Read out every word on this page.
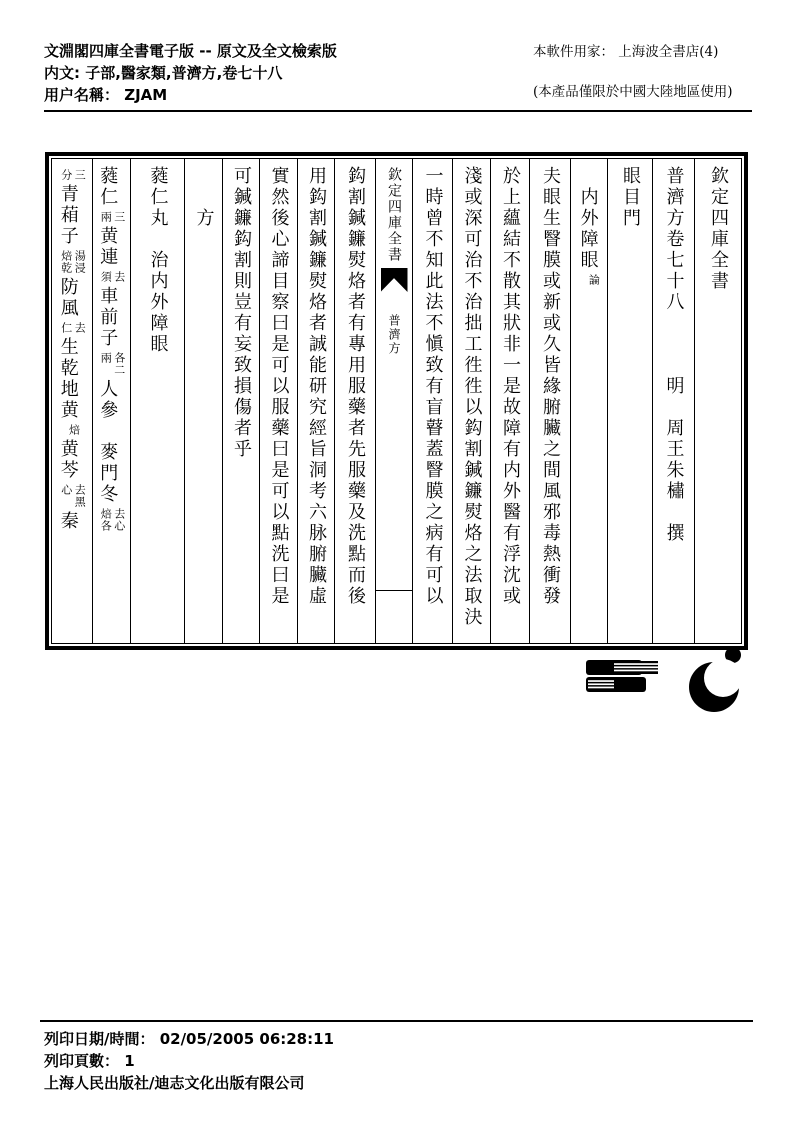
文淵閣四庫全書電子版 -- 原文及全文檢索版
内文: 子部,醫家類,普濟方,卷七十八
用户名稱： ZJAM
本軟件用家： 上海波全書店(4)
(本產品僅限於中國大陸地區使用)
欽定四庫全書
普濟方卷七十八　　　明　周王朱橚　撰
眼目門
　内外障眼
論
夫眼生瞖膜或新或久皆緣腑臟之間風邪毒熱衝發
於上蘊結不散其狀非一是故障有内外醫有浮沈或
淺或深可治不治拙工徃徃以鈎割鍼鐮熨烙之法取決
一時曾不知此法不愼致有盲瞽蓋瞖膜之病有可以
欽定四庫全書
普濟方
鈎割鍼鐮熨烙者有專用服藥者先服藥及洗點而後
用鈎割鍼鐮熨烙者誠能研究經旨洞考六脉腑臟虛
實然後心諦目察曰是可以服藥曰是可以點洗曰是
可鍼鐮鈎割則豈有妄致損傷者乎
　　方
蕤仁丸　治内外障眼
蕤仁
三
兩
黄連
去
須
車前子
各二
兩
人參　麥門冬
去心
焙各
三
分
青葙子
湯浸
焙乾
防風
去
仁
生乾地黄
焙
黄芩
去黑
心
秦
列印日期/時間： 02/05/2005 06:28:11
列印頁數： 1
上海人民出版社/迪志文化出版有限公司
